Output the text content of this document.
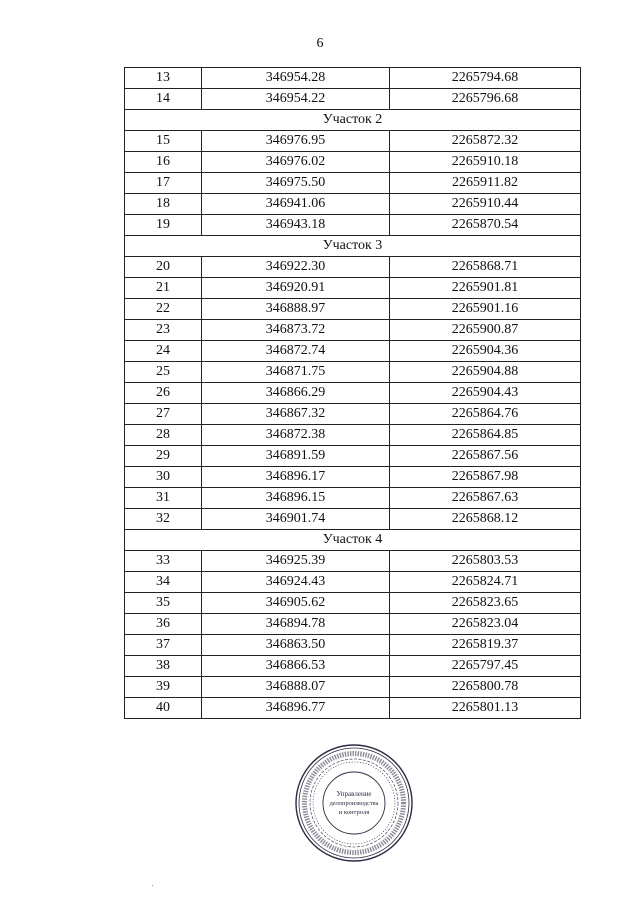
6
13	346954.28	2265794.68
14	346954.22	2265796.68
Участок 2		
15	346976.95	2265872.32
16	346976.02	2265910.18
17	346975.50	2265911.82
18	346941.06	2265910.44
19	346943.18	2265870.54
Участок 3		
20	346922.30	2265868.71
21	346920.91	2265901.81
22	346888.97	2265901.16
23	346873.72	2265900.87
24	346872.74	2265904.36
25	346871.75	2265904.88
26	346866.29	2265904.43
27	346867.32	2265864.76
28	346872.38	2265864.85
29	346891.59	2265867.56
30	346896.17	2265867.98
31	346896.15	2265867.63
32	346901.74	2265868.12
Участок 4		
33	346925.39	2265803.53
34	346924.43	2265824.71
35	346905.62	2265823.65
36	346894.78	2265823.04
37	346863.50	2265819.37
38	346866.53	2265797.45
39	346888.07	2265800.78
40	346896.77	2265801.13
Управление
делопроизводства
и контроля
